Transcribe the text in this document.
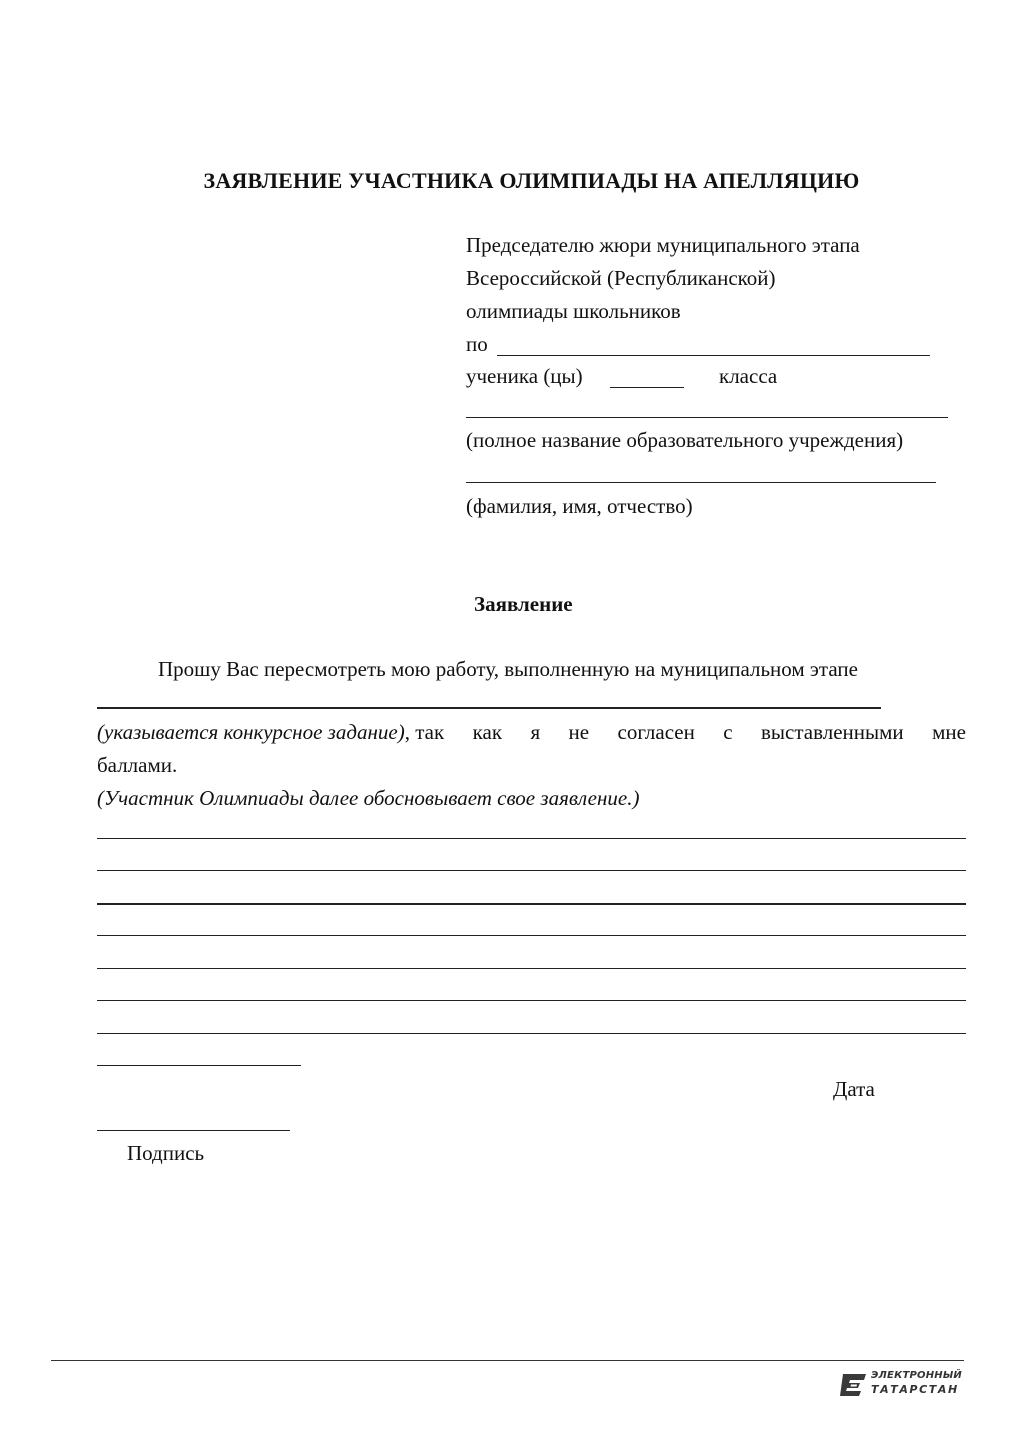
ЗАЯВЛЕНИЕ УЧАСТНИКА ОЛИМПИАДЫ НА АПЕЛЛЯЦИЮ
Председателю жюри муниципального этапа
Всероссийской (Республиканской)
олимпиады школьников
по
ученика (цы)	класса
(полное название образовательного учреждения)
(фамилия, имя, отчество)
Заявление
Прошу Вас пересмотреть мою работу, выполненную на муниципальном этапе
(указывается конкурсное задание), так как я не согласен с выставленными мне
баллами.
(Участник Олимпиады далее обосновывает свое заявление.)
Дата
Подпись
ЭЛЕКТРОННЫЙ
ТАТАРСТАН
